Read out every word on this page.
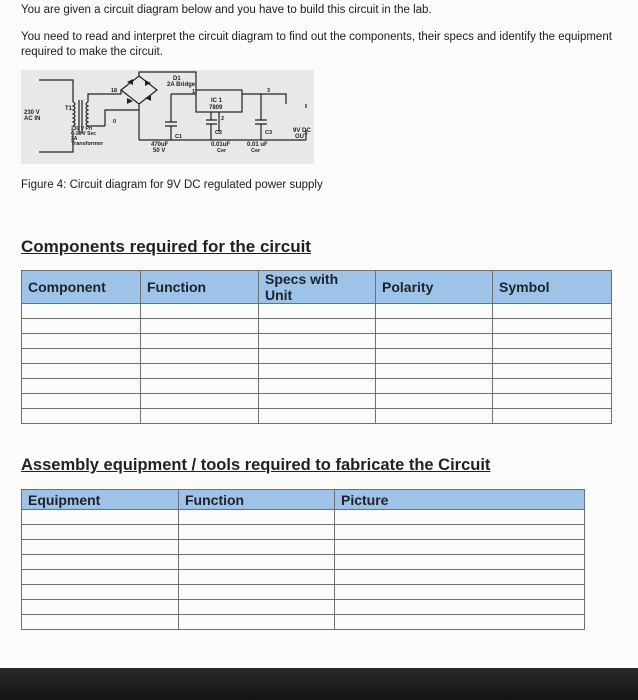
You are given a circuit diagram below and you have to build this circuit in the lab.
You need to read and interpret the circuit diagram to find out the components, their specs and identify the equipment required to make the circuit.
230 V
AC IN
T1
18
0
D1
2A Bridge
1
IC 1
7809
2
3
230 V Pri
0-18 V Sec
2A
Transformer
C1
470uF
50 V
C2
0.01uF
Cer
C3
0.01 uF
Cer
9V DC
OUT
Figure 4: Circuit diagram for 9V DC regulated power supply
Components required for the circuit
Component	Function	Specs with Unit	Polarity	Symbol

Assembly equipment / tools required to fabricate the Circuit
Equipment	Function	Picture
